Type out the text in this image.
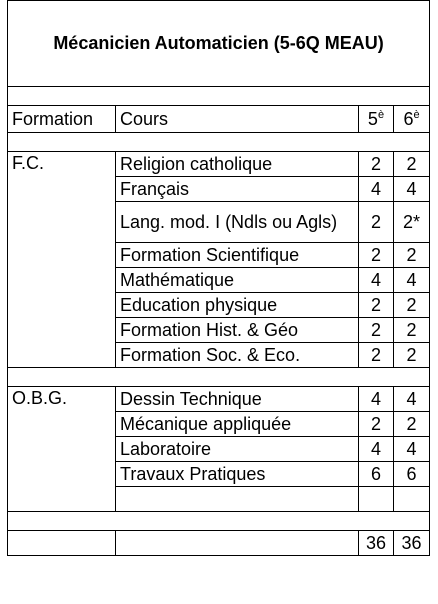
Mécanicien Automaticien (5-6Q MEAU)			

Formation	Cours	$5^è$	$6^è$

F.C.	Religion catholique	2	2
	Français	4	4
	Lang. mod. I (Ndls ou Agls)	2	2*
	Formation Scientifique	2	2
	Mathématique	4	4
	Education physique	2	2
	Formation Hist. & Géo	2	2
	Formation Soc. & Eco.	2	2

O.B.G.	Dessin Technique	4	4
	Mécanique appliquée	2	2
	Laboratoire	4	4
	Travaux Pratiques	6	6

		36	36
